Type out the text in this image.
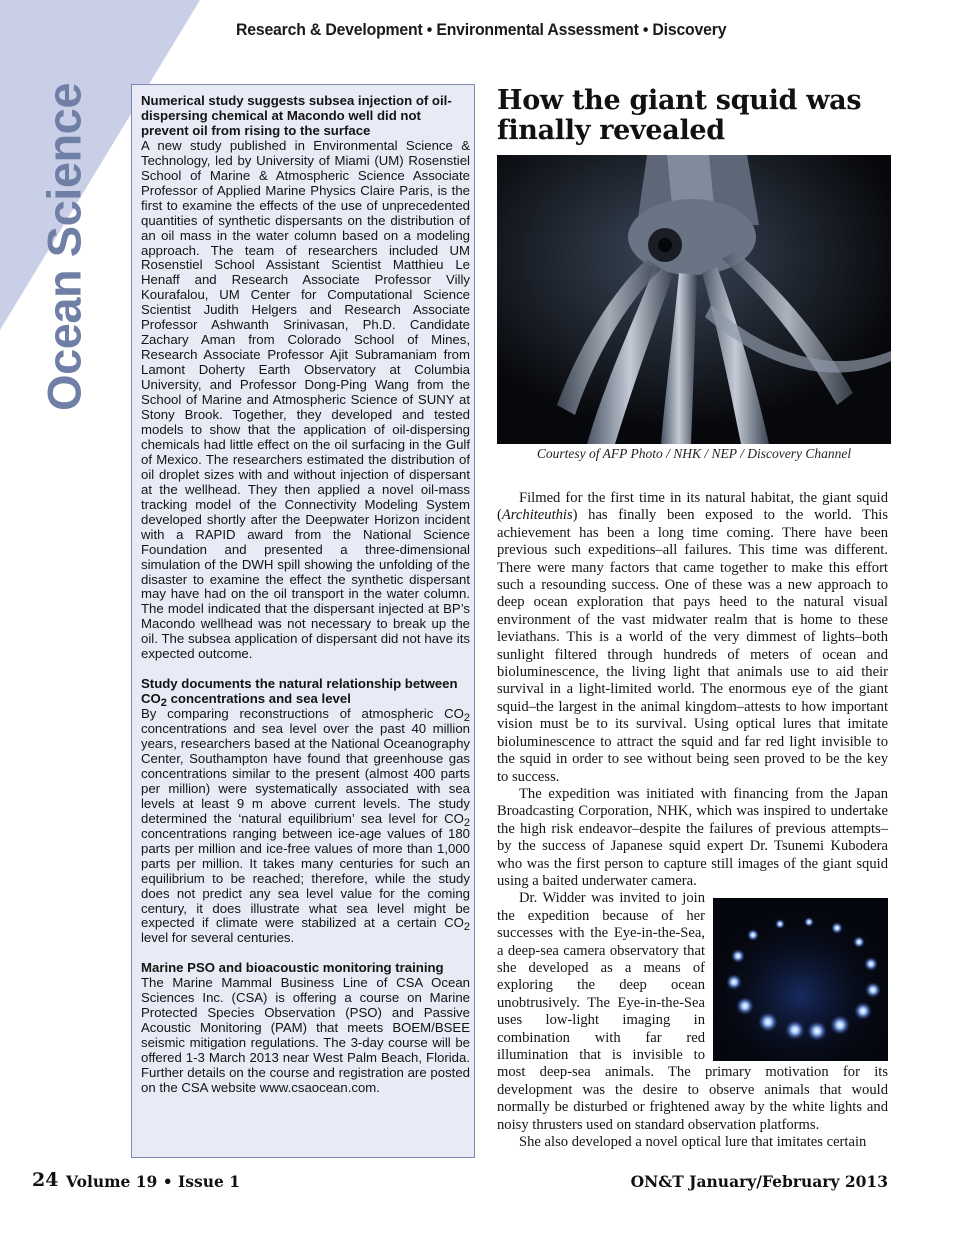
Research & Development • Environmental Assessment • Discovery
Ocean Science	Numerical study suggests subsea injection of oil-dispersing chemical at Macondo well did not prevent oil from rising to the surface

A new study published in Environmental Science & Technology, led by University of Miami (UM) Rosenstiel School of Marine & Atmospheric Science Associate Professor of Applied Marine Physics Claire Paris, is the first to examine the effects of the use of unprecedented quantities of synthetic dispersants on the distribution of an oil mass in the water column based on a modeling approach. The team of researchers included UM Rosenstiel School Assistant Scientist Matthieu Le Henaff and Research Associate Professor Villy Kourafalou, UM Center for Computational Science Scientist Judith Helgers and Research Associate Professor Ashwanth Srinivasan, Ph.D. Candidate Zachary Aman from Colorado School of Mines, Research Associate Professor Ajit Subramaniam from Lamont Doherty Earth Observatory at Columbia University, and Professor Dong-Ping Wang from the School of Marine and Atmospheric Science of SUNY at Stony Brook. Together, they developed and tested models to show that the application of oil-dispersing chemicals had little effect on the oil surfacing in the Gulf of Mexico. The researchers estimated the distribution of oil droplet sizes with and without injection of dispersant at the wellhead. They then applied a novel oil-mass tracking model of the Connectivity Modeling System developed shortly after the Deepwater Horizon incident with a RAPID award from the National Science Foundation and presented a three-dimensional simulation of the DWH spill showing the unfolding of the disaster to examine the effect the synthetic dispersant may have had on the oil transport in the water column. The model indicated that the dispersant injected at BP’s Macondo wellhead was not necessary to break up the oil. The subsea application of dispersant did not have its expected outcome.

Study documents the natural relationship between $CO_2$ concentrations and sea level

By comparing reconstructions of atmospheric $CO_2$ concentrations and sea level over the past 40 million years, researchers based at the National Oceanography Center, Southampton have found that greenhouse gas concentrations similar to the present (almost 400 parts per million) were systematically associated with sea levels at least 9 m above current levels. The study determined the ‘natural equilibrium’ sea level for $CO_2$ concentrations ranging between ice-age values of 180 parts per million and ice-free values of more than 1,000 parts per million. It takes many centuries for such an equilibrium to be reached; therefore, while the study does not predict any sea level value for the coming century, it does illustrate what sea level might be expected if climate were stabilized at a certain $CO_2$ level for several centuries.

Marine PSO and bioacoustic monitoring training

The Marine Mammal Business Line of CSA Ocean Sciences Inc. (CSA) is offering a course on Marine Protected Species Observation (PSO) and Passive Acoustic Monitoring (PAM) that meets BOEM/BSEE seismic mitigation regulations. The 3-day course will be offered 1-3 March 2013 near West Palm Beach, Florida. Further details on the course and registration are posted on the CSA website www.csaocean.com.

How the giant squid was finally revealed
Courtesy of AFP Photo / NHK / NEP / Discovery Channel

Filmed for the first time in its natural habitat, the giant squid (Architeuthis) has finally been exposed to the world. This achievement has been a long time coming. There have been previous such expeditions–all failures. This time was different. There were many factors that came together to make this effort such a resounding success. One of these was a new approach to deep ocean exploration that pays heed to the natural visual environment of the vast midwater realm that is home to these leviathans. This is a world of the very dimmest of lights–both sunlight filtered through hundreds of meters of ocean and bioluminescence, the living light that animals use to aid their survival in a light-limited world. The enormous eye of the giant squid–the largest in the animal kingdom–attests to how important vision must be to its survival. Using optical lures that imitate bioluminescence to attract the squid and far red light invisible to the squid in order to see without being seen proved to be the key to success.

The expedition was initiated with financing from the Japan Broadcasting Corporation, NHK, which was inspired to undertake the high risk endeavor–despite the failures of previous attempts–by the success of Japanese squid expert Dr. Tsunemi Kubodera who was the first person to capture still images of the giant squid using a baited underwater camera.

Dr. Widder was invited to join the expedition because of her successes with the Eye-in-the-Sea, a deep-sea camera observatory that she developed as a means of exploring the deep ocean unobtrusively. The Eye-in-the-Sea uses low-light imaging in combination with far red illumination that is invisible to most deep-sea animals. The primary motivation for its development was the desire to observe animals that would normally be disturbed or frightened away by the white lights and noisy thrusters used on standard observation platforms.

She also developed a novel optical lure that imitates certain

24 Volume 19 • Issue 1	ON&T January/February 2013
